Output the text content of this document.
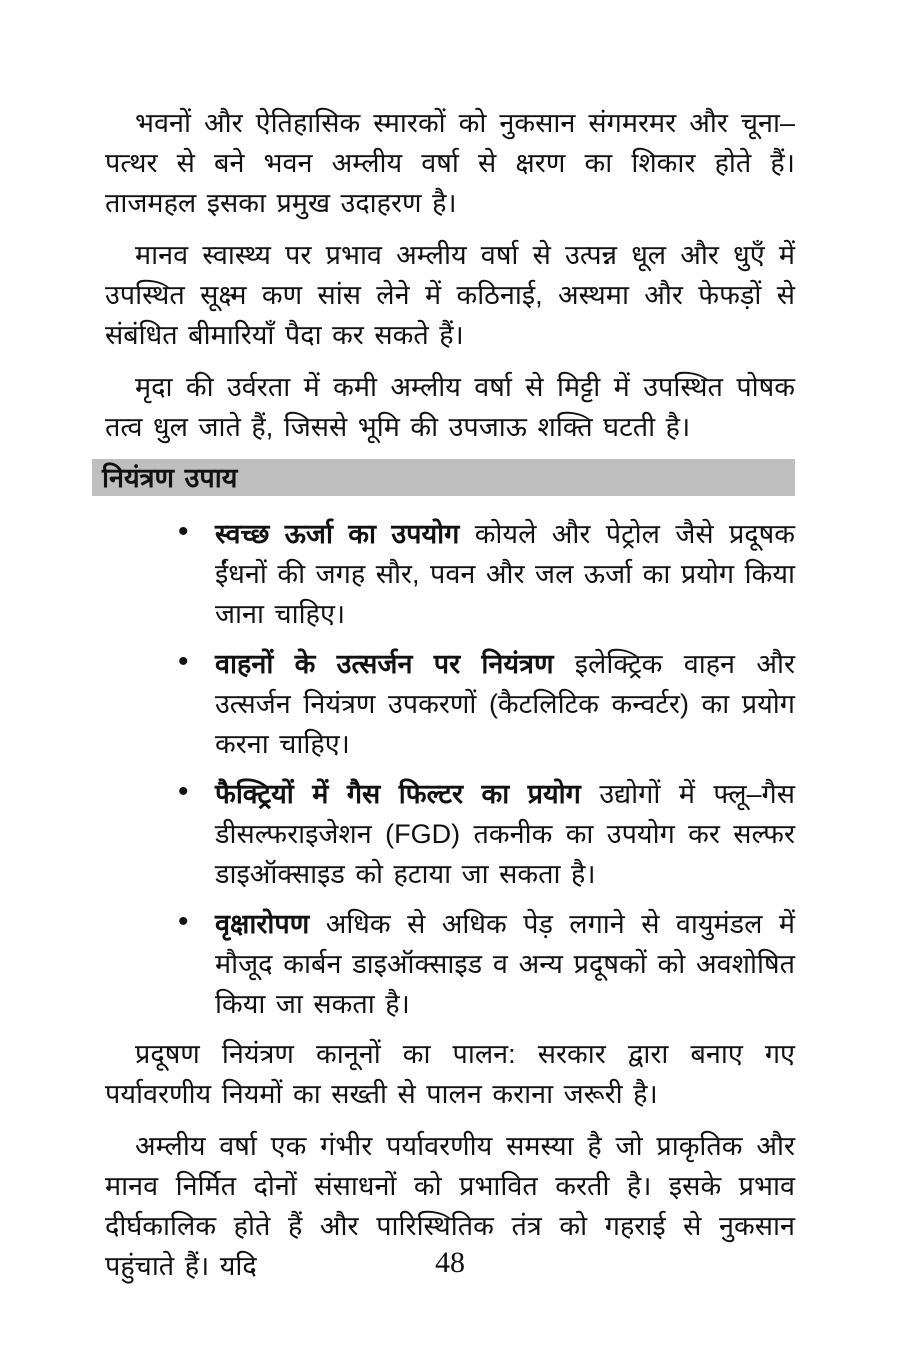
भवनों और ऐतिहासिक स्मारकों को नुकसान संगमरमर और चूना–पत्थर से बने भवन अम्लीय वर्षा से क्षरण का शिकार होते हैं। ताजमहल इसका प्रमुख उदाहरण है।

मानव स्वास्थ्य पर प्रभाव अम्लीय वर्षा से उत्पन्न धूल और धुएँ में उपस्थित सूक्ष्म कण सांस लेने में कठिनाई, अस्थमा और फेफड़ों से संबंधित बीमारियाँ पैदा कर सकते हैं।

मृदा की उर्वरता में कमी अम्लीय वर्षा से मिट्टी में उपस्थित पोषक तत्व धुल जाते हैं, जिससे भूमि की उपजाऊ शक्ति घटती है।

नियंत्रण उपाय
• स्वच्छ ऊर्जा का उपयोग कोयले और पेट्रोल जैसे प्रदूषक ईंधनों की जगह सौर, पवन और जल ऊर्जा का प्रयोग किया जाना चाहिए।
• वाहनों के उत्सर्जन पर नियंत्रण इलेक्ट्रिक वाहन और उत्सर्जन नियंत्रण उपकरणों (कैटलिटिक कन्वर्टर) का प्रयोग करना चाहिए।
• फैक्ट्रियों में गैस फिल्टर का प्रयोग उद्योगों में फ्लू–गैस डीसल्फराइजेशन (FGD) तकनीक का उपयोग कर सल्फर डाइऑक्साइड को हटाया जा सकता है।
• वृक्षारोपण अधिक से अधिक पेड़ लगाने से वायुमंडल में मौजूद कार्बन डाइऑक्साइड व अन्य प्रदूषकों को अवशोषित किया जा सकता है।

प्रदूषण नियंत्रण कानूनों का पालन: सरकार द्वारा बनाए गए पर्यावरणीय नियमों का सख्ती से पालन कराना जरूरी है।

अम्लीय वर्षा एक गंभीर पर्यावरणीय समस्या है जो प्राकृतिक और मानव निर्मित दोनों संसाधनों को प्रभावित करती है। इसके प्रभाव दीर्घकालिक होते हैं और पारिस्थितिक तंत्र को गहराई से नुकसान पहुंचाते हैं। यदि	48
